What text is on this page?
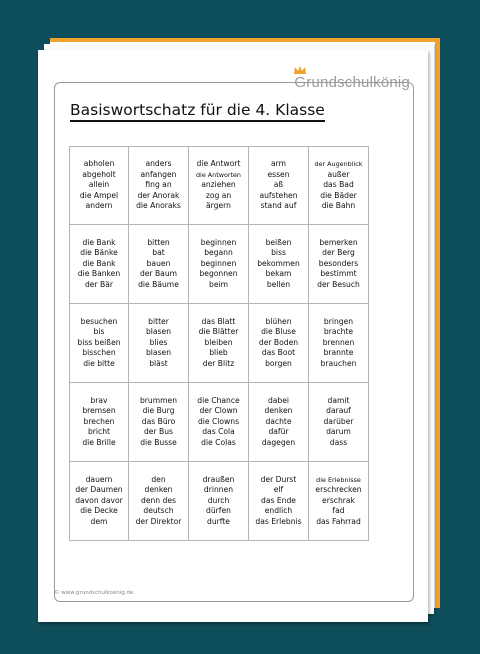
Grundschulkönig
Basiswortschatz für die 4. Klasse
abholen
abgeholt
allein
die Ampel
andern
anders
anfangen
fing an
der Anorak
die Anoraks
die Antwort
die Antworten
anziehen
zog an
ärgern
arm
essen
aß
aufstehen
stand auf
der Augenblick
außer
das Bad
die Bäder
die Bahn
die Bank
die Bänke
die Bank
die Banken
der Bär
bitten
bat
bauen
der Baum
die Bäume
beginnen
begann
beginnen
begonnen
beim
beißen
biss
bekommen
bekam
bellen
bemerken
der Berg
besonders
bestimmt
der Besuch
besuchen
bis
biss beißen
bisschen
die bitte
bitter
blasen
blies
blasen
bläst
das Blatt
die Blätter
bleiben
blieb
der Blitz
blühen
die Bluse
der Boden
das Boot
borgen
bringen
brachte
brennen
brannte
brauchen
brav
bremsen
brechen
bricht
die Brille
brummen
die Burg
das Büro
der Bus
die Busse
die Chance
der Clown
die Clowns
das Cola
die Colas
dabei
denken
dachte
dafür
dagegen
damit
darauf
darüber
darum
dass
dauern
der Daumen
davon davor
die Decke
dem
den
denken
denn des
deutsch
der Direktor
draußen
drinnen
durch
dürfen
durfte
der Durst
elf
das Ende
endlich
das Erlebnis
die Erlebnisse
erschrecken
erschrak
fad
das Fahrrad
© www.grundschulkoenig.de
